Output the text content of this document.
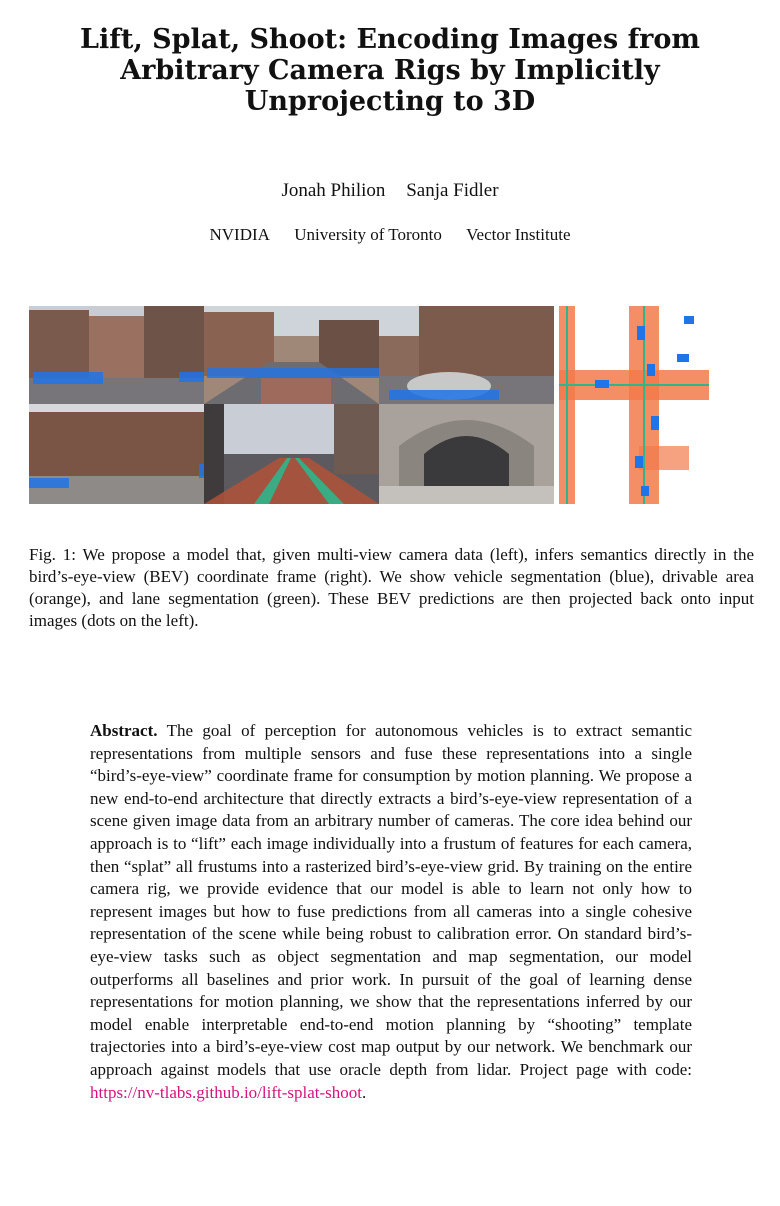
Lift, Splat, Shoot: Encoding Images from
Arbitrary Camera Rigs by Implicitly
Unprojecting to 3D
Jonah Philion Sanja Fidler
NVIDIA University of Toronto Vector Institute
Fig. 1: We propose a model that, given multi-view camera data (left), infers semantics directly in the bird’s-eye-view (BEV) coordinate frame (right). We show vehicle segmentation (blue), drivable area (orange), and lane segmentation (green). These BEV predictions are then projected back onto input images (dots on the left).
Abstract. The goal of perception for autonomous vehicles is to extract semantic representations from multiple sensors and fuse these representations into a single “bird’s-eye-view” coordinate frame for consumption by motion planning. We propose a new end-to-end architecture that directly extracts a bird’s-eye-view representation of a scene given image data from an arbitrary number of cameras. The core idea behind our approach is to “lift” each image individually into a frustum of features for each camera, then “splat” all frustums into a rasterized bird’s-eye-view grid. By training on the entire camera rig, we provide evidence that our model is able to learn not only how to represent images but how to fuse predictions from all cameras into a single cohesive representation of the scene while being robust to calibration error. On standard bird’s-eye-view tasks such as object segmentation and map segmentation, our model outperforms all baselines and prior work. In pursuit of the goal of learning dense representations for motion planning, we show that the representations inferred by our model enable interpretable end-to-end motion planning by “shooting” template trajectories into a bird’s-eye-view cost map output by our network. We benchmark our approach against models that use oracle depth from lidar. Project page with code: https://nv-tlabs.github.io/lift-splat-shoot.
